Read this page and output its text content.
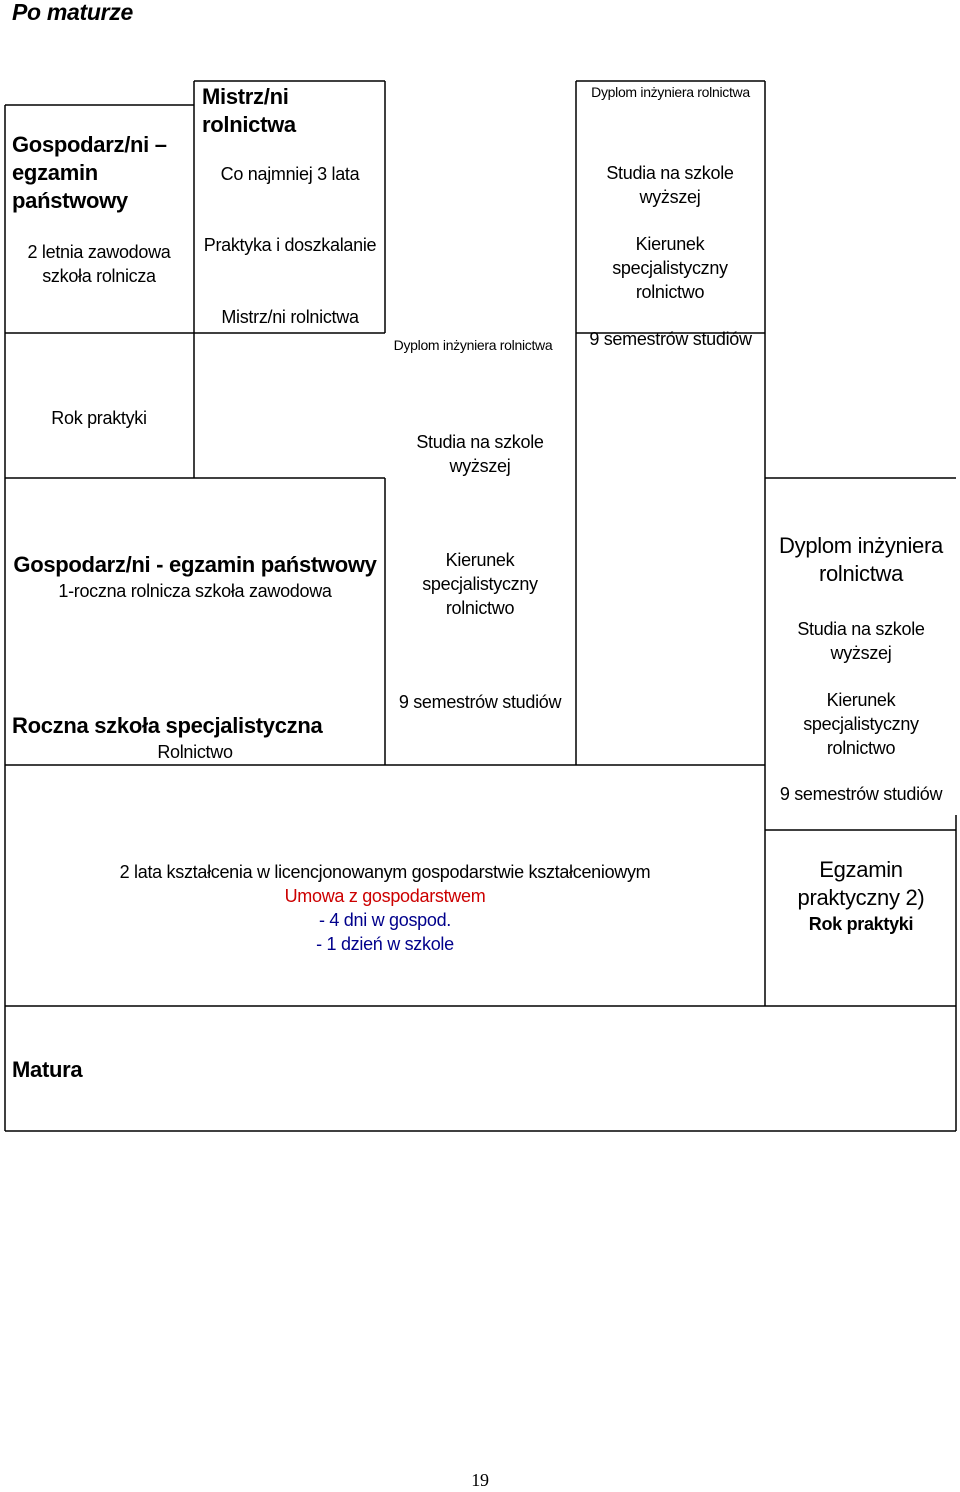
Po maturze
Gospodarz/ni – egzamin państwowy
2 letnia zawodowa szkoła rolnicza
Rok praktyki
Mistrz/ni rolnictwa
Co najmniej 3 lata
Praktyka i doszkalanie
Mistrz/ni rolnictwa
Dyplom inżyniera rolnictwa
Studia na szkole wyższej
Kierunek specjalistyczny rolnictwo
9 semestrów studiów
Dyplom inżyniera rolnictwa
Studia na szkole wyższej
Kierunek specjalistyczny rolnictwo
9 semestrów studiów
Gospodarz/ni - egzamin państwowy
1-roczna rolnicza szkoła zawodowa
Roczna szkoła specjalistyczna
Rolnictwo
Dyplom inżyniera rolnictwa
Studia na szkole wyższej
Kierunek specjalistyczny rolnictwo
9 semestrów studiów
2 lata kształcenia w licencjonowanym gospodarstwie kształceniowym
Umowa z gospodarstwem
- 4 dni w gospod.
- 1 dzień w szkole
Egzamin praktyczny 2)
Rok praktyki
Matura
19
